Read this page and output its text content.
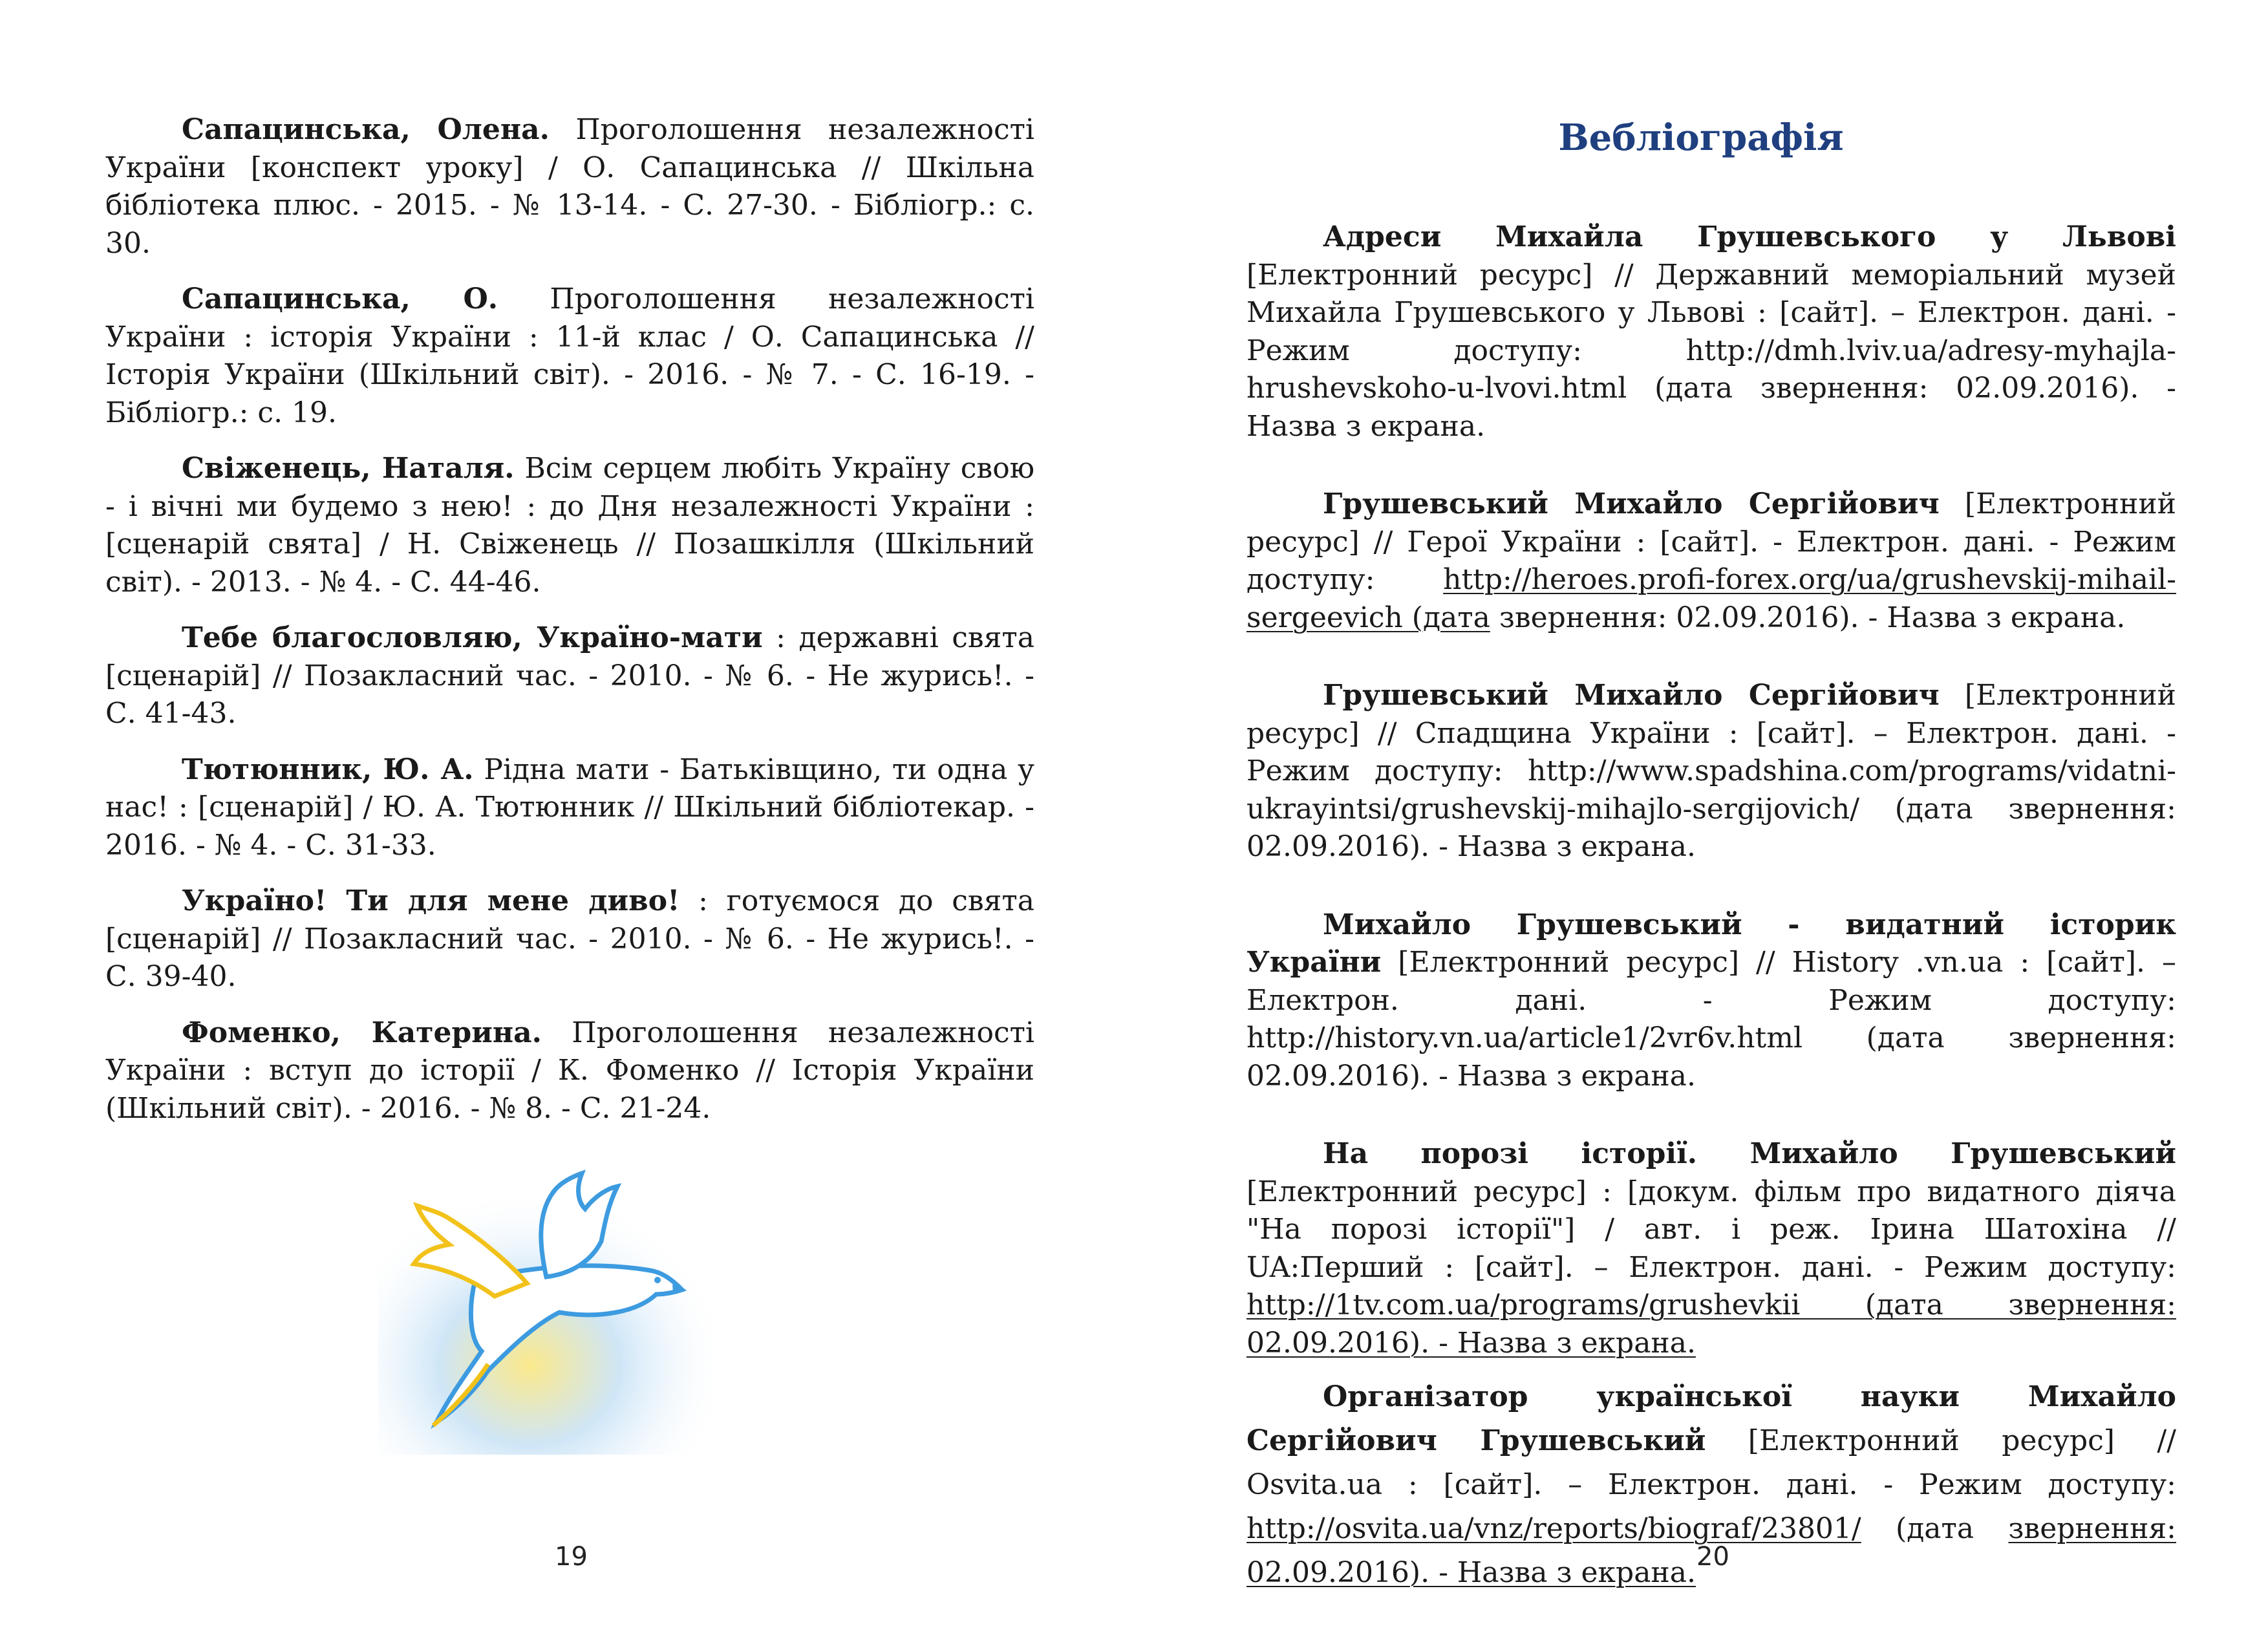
Сапацинська, Олена. Проголошення незалежності України [конспект уроку] / О. Сапацинська // Шкільна бібліотека плюс. - 2015. - № 13-14. - С. 27-30. - Бібліогр.: с. 30.

Сапацинська, О. Проголошення незалежності України : історія України : 11-й клас / О. Сапацинська // Історія України (Шкільний світ). - 2016. - № 7. - С. 16-19. - Бібліогр.: с. 19.

Свіженець, Наталя. Всім серцем любіть Україну свою - і вічні ми будемо з нею! : до Дня незалежності України : [сценарій свята] / Н. Свіженець // Позашкілля (Шкільний світ). - 2013. - № 4. - С. 44-46.

Тебе благословляю, Україно-мати : державні свята [сценарій] // Позакласний час. - 2010. - № 6. - Не журись!. - С. 41-43.

Тютюнник, Ю. А. Рідна мати - Батьківщино, ти одна у нас! : [сценарій] / Ю. А. Тютюнник // Шкільний бібліотекар. - 2016. - № 4. - С. 31-33.

Україно! Ти для мене диво! : готуємося до свята [сценарій] // Позакласний час. - 2010. - № 6. - Не журись!. - С. 39-40.

Фоменко, Катерина. Проголошення незалежності України : вступ до історії / К. Фоменко // Історія України (Шкільний світ). - 2016. - № 8. - С. 21-24.

19
Вебліографія

Адреси Михайла Грушевського у Львові [Електронний ресурс] // Державний меморіальний музей Михайла Грушевського у Львові : [сайт]. – Електрон. дані. - Режим доступу: http://dmh.lviv.ua/adresy-myhajla-hrushevskoho-u-lvovi.html (дата звернення: 02.09.2016). - Назва з екрана.

Грушевський Михайло Сергійович [Електронний ресурс] // Герої України : [сайт]. - Електрон. дані. - Режим доступу: http://heroes.profi-forex.org/ua/grushevskij-mihail-sergeevich (дата звернення: 02.09.2016). - Назва з екрана.

Грушевський Михайло Сергійович [Електронний ресурс] // Спадщина України : [сайт]. – Електрон. дані. - Режим доступу: http://www.spadshina.com/programs/vidatni-ukrayintsi/grushevskij-mihajlo-sergijovich/ (дата звернення: 02.09.2016). - Назва з екрана.

Михайло Грушевський - видатний історик України [Електронний ресурс] // History .vn.ua : [сайт]. – Електрон. дані. - Режим доступу: http://history.vn.ua/article1/2vr6v.html (дата звернення: 02.09.2016). - Назва з екрана.

На порозі історії. Михайло Грушевський [Електронний ресурс] : [докум. фільм про видатного діяча "На порозі історії"] / авт. і реж. Ірина Шатохіна // UA:Перший : [сайт]. – Електрон. дані. - Режим доступу: http://1tv.com.ua/programs/grushevkii (дата звернення: 02.09.2016). - Назва з екрана.

Організатор української науки Михайло Сергійович Грушевський [Електронний ресурс] // Osvita.ua : [сайт]. – Електрон. дані. - Режим доступу: http://osvita.ua/vnz/reports/biograf/23801/ (дата звернення: 02.09.2016). - Назва з екрана. 20
